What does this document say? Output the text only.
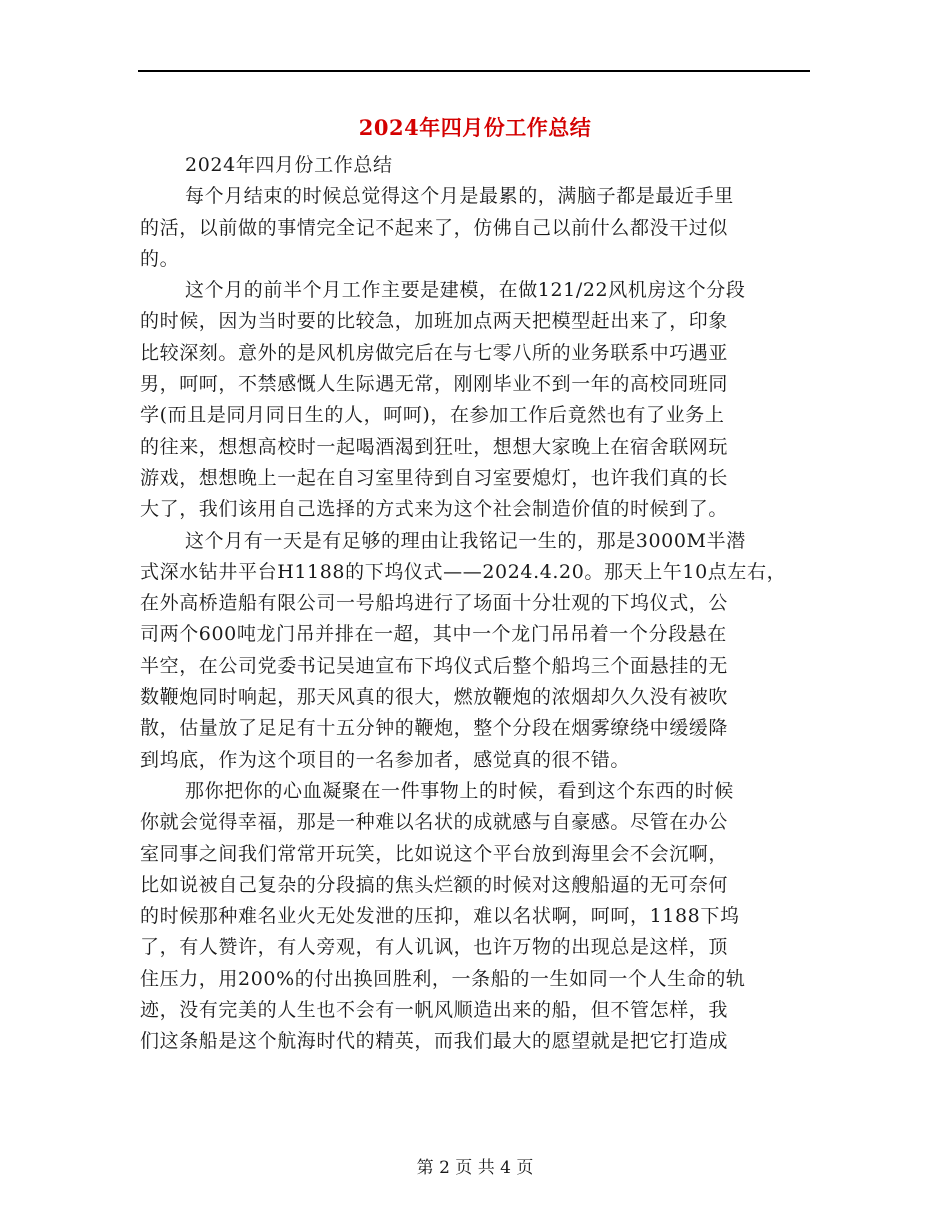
2024年四月份工作总结
2024年四月份工作总结
每个月结束的时候总觉得这个月是最累的，满脑子都是最近手里
的活，以前做的事情完全记不起来了，仿佛自己以前什么都没干过似
的。
这个月的前半个月工作主要是建模，在做121/22风机房这个分段
的时候，因为当时要的比较急，加班加点两天把模型赶出来了，印象
比较深刻。意外的是风机房做完后在与七零八所的业务联系中巧遇亚
男，呵呵，不禁感慨人生际遇无常，刚刚毕业不到一年的高校同班同
学(而且是同月同日生的人，呵呵)，在参加工作后竟然也有了业务上
的往来，想想高校时一起喝酒渴到狂吐，想想大家晚上在宿舍联网玩
游戏，想想晚上一起在自习室里待到自习室要熄灯，也许我们真的长
大了，我们该用自己选择的方式来为这个社会制造价值的时候到了。
这个月有一天是有足够的理由让我铭记一生的，那是3000M半潜
式深水钻井平台H1188的下坞仪式——2024.4.20。那天上午10点左右，
在外高桥造船有限公司一号船坞进行了场面十分壮观的下坞仪式，公
司两个600吨龙门吊并排在一超，其中一个龙门吊吊着一个分段悬在
半空，在公司党委书记吴迪宣布下坞仪式后整个船坞三个面悬挂的无
数鞭炮同时响起，那天风真的很大，燃放鞭炮的浓烟却久久没有被吹
散，估量放了足足有十五分钟的鞭炮，整个分段在烟雾缭绕中缓缓降
到坞底，作为这个项目的一名参加者，感觉真的很不错。
那你把你的心血凝聚在一件事物上的时候，看到这个东西的时候
你就会觉得幸福，那是一种难以名状的成就感与自豪感。尽管在办公
室同事之间我们常常开玩笑，比如说这个平台放到海里会不会沉啊，
比如说被自己复杂的分段搞的焦头烂额的时候对这艘船逼的无可奈何
的时候那种难名业火无处发泄的压抑，难以名状啊，呵呵，1188下坞
了，有人赞许，有人旁观，有人讥讽，也许万物的出现总是这样，顶
住压力，用200%的付出换回胜利，一条船的一生如同一个人生命的轨
迹，没有完美的人生也不会有一帆风顺造出来的船，但不管怎样，我
们这条船是这个航海时代的精英，而我们最大的愿望就是把它打造成
第 2 页 共 4 页
